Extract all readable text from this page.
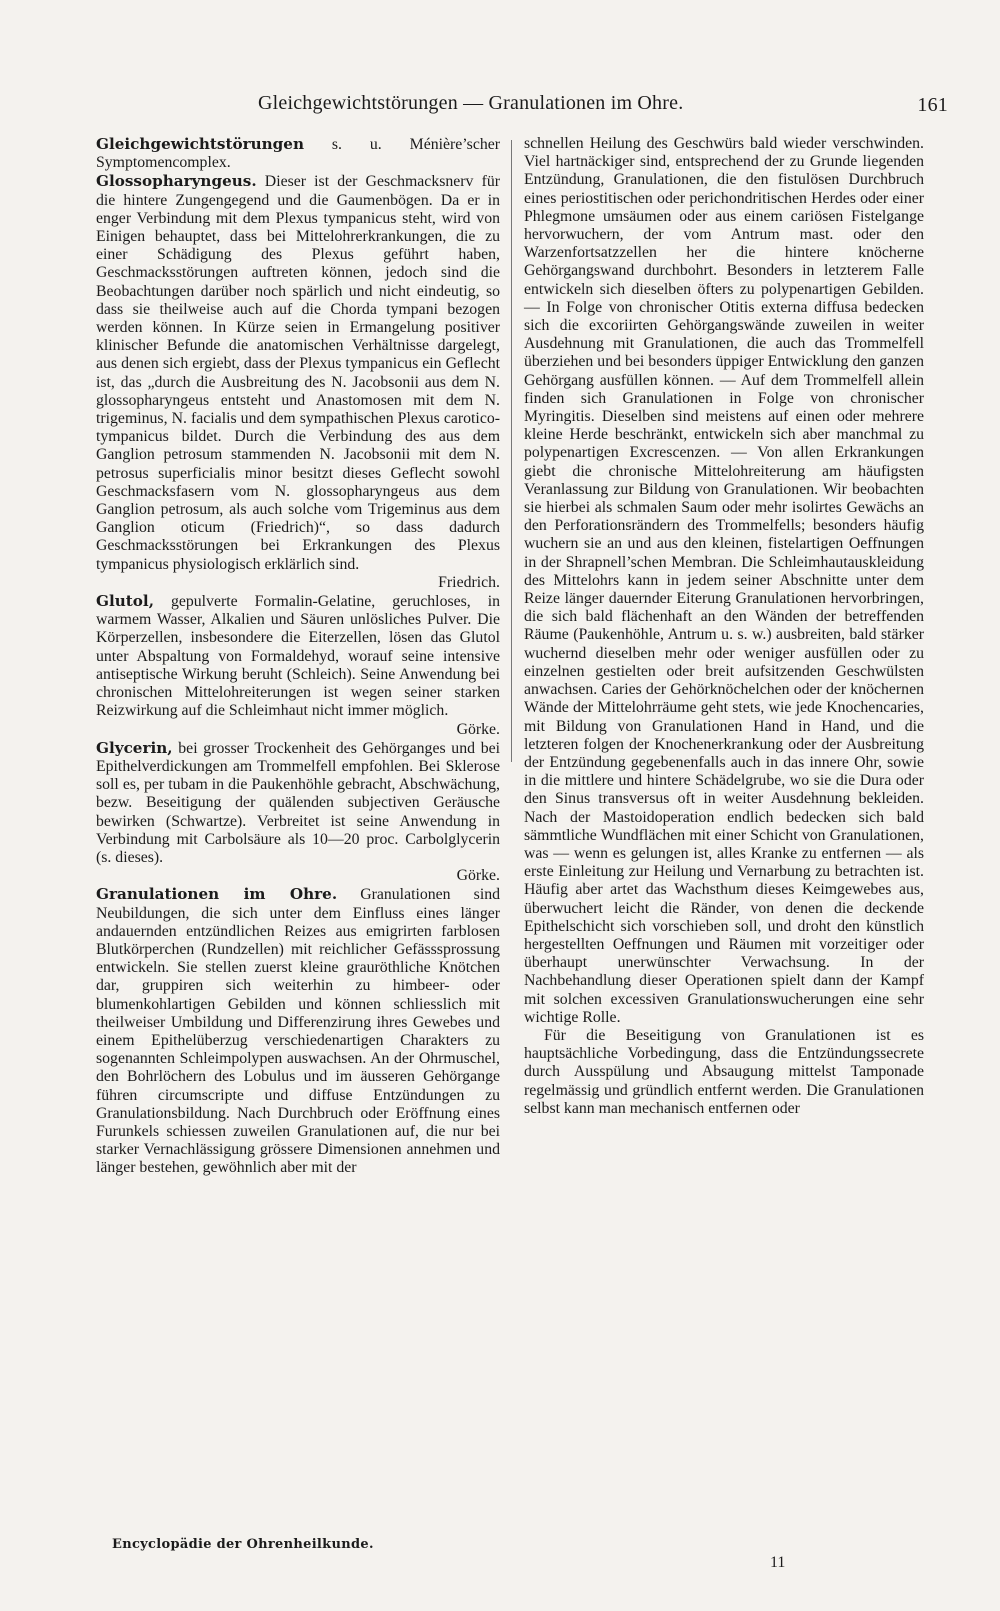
Gleichgewichtstörungen — Granulationen im Ohre.	161

Gleichgewichtstörungen s. u. Ménière’scher Symptomencomplex.

Glossopharyngeus. Dieser ist der Geschmacksnerv für die hintere Zungengegend und die Gaumenbögen. Da er in enger Verbindung mit dem Plexus tympanicus steht, wird von Einigen behauptet, dass bei Mittelohrerkrankungen, die zu einer Schädigung des Plexus geführt haben, Geschmacksstörungen auftreten können, jedoch sind die Beobachtungen darüber noch spärlich und nicht eindeutig, so dass sie theilweise auch auf die Chorda tympani bezogen werden können. In Kürze seien in Ermangelung positiver klinischer Befunde die anatomischen Verhältnisse dargelegt, aus denen sich ergiebt, dass der Plexus tympanicus ein Geflecht ist, das „durch die Ausbreitung des N. Jacobsonii aus dem N. glossopharyngeus entsteht und Anastomosen mit dem N. trigeminus, N. facialis und dem sympathischen Plexus carotico-tympanicus bildet. Durch die Verbindung des aus dem Ganglion petrosum stammenden N. Jacobsonii mit dem N. petrosus superficialis minor besitzt dieses Geflecht sowohl Geschmacksfasern vom N. glossopharyngeus aus dem Ganglion petrosum, als auch solche vom Trigeminus aus dem Ganglion oticum (Friedrich)“, so dass dadurch Geschmacksstörungen bei Erkrankungen des Plexus tympanicus physiologisch erklärlich sind.
Friedrich.

Glutol, gepulverte Formalin-Gelatine, geruchloses, in warmem Wasser, Alkalien und Säuren unlösliches Pulver. Die Körperzellen, insbesondere die Eiterzellen, lösen das Glutol unter Abspaltung von Formaldehyd, worauf seine intensive antiseptische Wirkung beruht (Schleich). Seine Anwendung bei chronischen Mittelohreiterungen ist wegen seiner starken Reizwirkung auf die Schleimhaut nicht immer möglich.
Görke.

Glycerin, bei grosser Trockenheit des Gehörganges und bei Epithelverdickungen am Trommelfell empfohlen. Bei Sklerose soll es, per tubam in die Paukenhöhle gebracht, Abschwächung, bezw. Beseitigung der quälenden subjectiven Geräusche bewirken (Schwartze). Verbreitet ist seine Anwendung in Verbindung mit Carbolsäure als 10—20 proc. Carbolglycerin (s. dieses).
Görke.

Granulationen im Ohre. Granulationen sind Neubildungen, die sich unter dem Einfluss eines länger andauernden entzündlichen Reizes aus emigrirten farblosen Blutkörperchen (Rundzellen) mit reichlicher Gefässsprossung entwickeln. Sie stellen zuerst kleine grauröthliche Knötchen dar, gruppiren sich weiterhin zu himbeer- oder blumenkohlartigen Gebilden und können schliesslich mit theilweiser Umbildung und Differenzirung ihres Gewebes und einem Epithelüberzug verschiedenartigen Charakters zu sogenannten Schleimpolypen auswachsen. An der Ohrmuschel, den Bohrlöchern des Lobulus und im äusseren Gehörgange führen circumscripte und diffuse Entzündungen zu Granulationsbildung. Nach Durchbruch oder Eröffnung eines Furunkels schiessen zuweilen Granulationen auf, die nur bei starker Vernachlässigung grössere Dimensionen annehmen und länger bestehen, gewöhnlich aber mit der

schnellen Heilung des Geschwürs bald wieder verschwinden. Viel hartnäckiger sind, entsprechend der zu Grunde liegenden Entzündung, Granulationen, die den fistulösen Durchbruch eines periostitischen oder perichondritischen Herdes oder einer Phlegmone umsäumen oder aus einem cariösen Fistelgange hervorwuchern, der vom Antrum mast. oder den Warzenfortsatzzellen her die hintere knöcherne Gehörgangswand durchbohrt. Besonders in letzterem Falle entwickeln sich dieselben öfters zu polypenartigen Gebilden. — In Folge von chronischer Otitis externa diffusa bedecken sich die excoriirten Gehörgangswände zuweilen in weiter Ausdehnung mit Granulationen, die auch das Trommelfell überziehen und bei besonders üppiger Entwicklung den ganzen Gehörgang ausfüllen können. — Auf dem Trommelfell allein finden sich Granulationen in Folge von chronischer Myringitis. Dieselben sind meistens auf einen oder mehrere kleine Herde beschränkt, entwickeln sich aber manchmal zu polypenartigen Excrescenzen. — Von allen Erkrankungen giebt die chronische Mittelohreiterung am häufigsten Veranlassung zur Bildung von Granulationen. Wir beobachten sie hierbei als schmalen Saum oder mehr isolirtes Gewächs an den Perforationsrändern des Trommelfells; besonders häufig wuchern sie an und aus den kleinen, fistelartigen Oeffnungen in der Shrapnell’schen Membran. Die Schleimhautauskleidung des Mittelohrs kann in jedem seiner Abschnitte unter dem Reize länger dauernder Eiterung Granulationen hervorbringen, die sich bald flächenhaft an den Wänden der betreffenden Räume (Paukenhöhle, Antrum u. s. w.) ausbreiten, bald stärker wuchernd dieselben mehr oder weniger ausfüllen oder zu einzelnen gestielten oder breit aufsitzenden Geschwülsten anwachsen. Caries der Gehörknöchelchen oder der knöchernen Wände der Mittelohrräume geht stets, wie jede Knochencaries, mit Bildung von Granulationen Hand in Hand, und die letzteren folgen der Knochenerkrankung oder der Ausbreitung der Entzündung gegebenenfalls auch in das innere Ohr, sowie in die mittlere und hintere Schädelgrube, wo sie die Dura oder den Sinus transversus oft in weiter Ausdehnung bekleiden. Nach der Mastoidoperation endlich bedecken sich bald sämmtliche Wundflächen mit einer Schicht von Granulationen, was — wenn es gelungen ist, alles Kranke zu entfernen — als erste Einleitung zur Heilung und Vernarbung zu betrachten ist. Häufig aber artet das Wachsthum dieses Keimgewebes aus, überwuchert leicht die Ränder, von denen die deckende Epithelschicht sich vorschieben soll, und droht den künstlich hergestellten Oeffnungen und Räumen mit vorzeitiger oder überhaupt unerwünschter Verwachsung. In der Nachbehandlung dieser Operationen spielt dann der Kampf mit solchen excessiven Granulationswucherungen eine sehr wichtige Rolle.

Für die Beseitigung von Granulationen ist es hauptsächliche Vorbedingung, dass die Entzündungssecrete durch Ausspülung und Absaugung mittelst Tamponade regelmässig und gründlich entfernt werden. Die Granulationen selbst kann man mechanisch entfernen oder

Encyclopädie der Ohrenheilkunde.
11
